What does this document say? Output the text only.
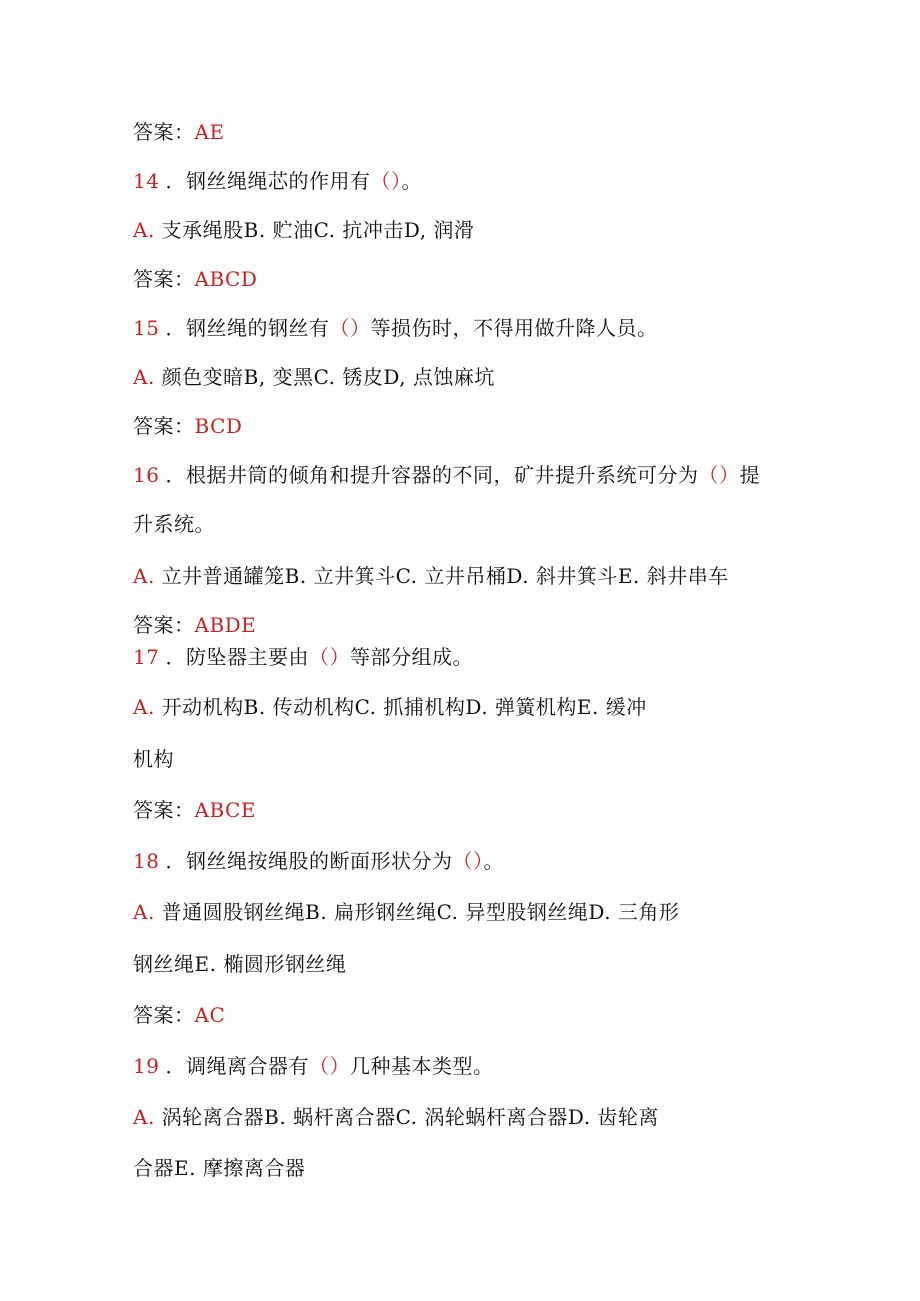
答案：AE
14 ．钢丝绳绳芯的作用有（）。
A. 支承绳股B. 贮油C. 抗冲击D, 润滑
答案：ABCD
15 ．钢丝绳的钢丝有（）等损伤时，不得用做升降人员。
A. 颜色变暗B, 变黑C. 锈皮D, 点蚀麻坑
答案：BCD
16 ．根据井筒的倾角和提升容器的不同，矿井提升系统可分为（）提
升系统。
A. 立井普通罐笼B. 立井箕斗C. 立井吊桶D. 斜井箕斗E. 斜井串车
答案：ABDE
17 ．防坠器主要由（）等部分组成。
A. 开动机构B. 传动机构C. 抓捕机构D. 弹簧机构E. 缓冲
机构
答案：ABCE
18 ．钢丝绳按绳股的断面形状分为（）。
A. 普通圆股钢丝绳B. 扁形钢丝绳C. 异型股钢丝绳D. 三角形
钢丝绳E. 椭圆形钢丝绳
答案：AC
19 ．调绳离合器有（）几种基本类型。
A. 涡轮离合器B. 蜗杆离合器C. 涡轮蜗杆离合器D. 齿轮离
合器E. 摩擦离合器
